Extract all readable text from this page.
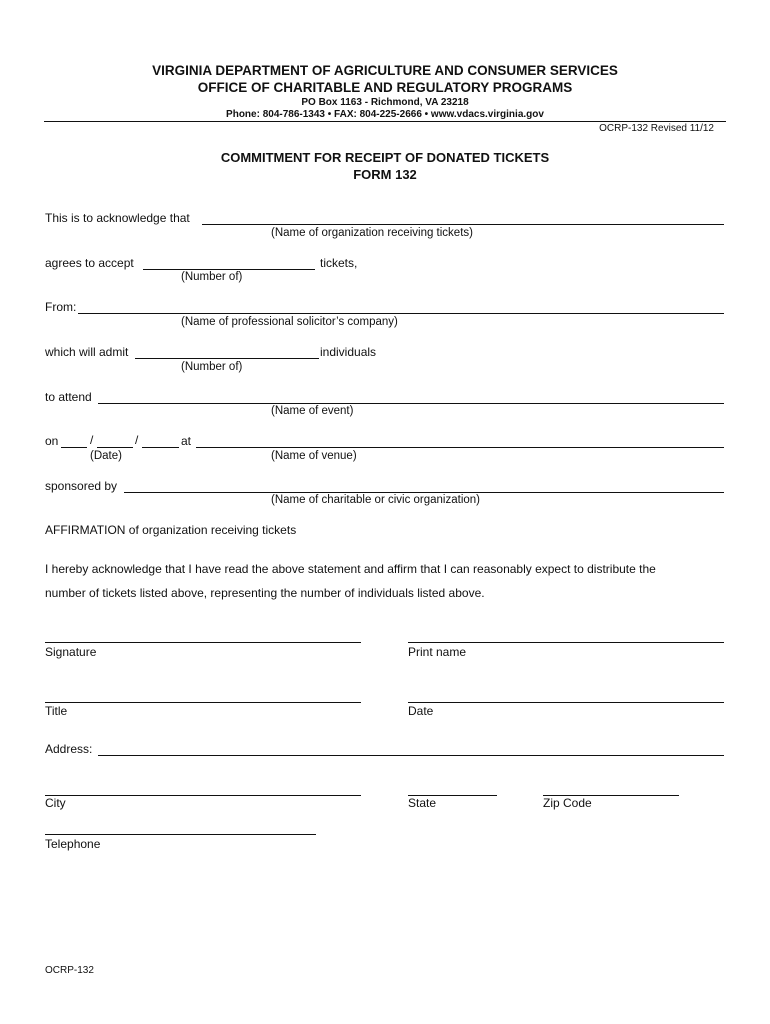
VIRGINIA DEPARTMENT OF AGRICULTURE AND CONSUMER SERVICES
OFFICE OF CHARITABLE AND REGULATORY PROGRAMS
PO Box 1163 - Richmond, VA 23218
Phone: 804-786-1343 • FAX: 804-225-2666 • www.vdacs.virginia.gov
OCRP-132 Revised 11/12
COMMITMENT FOR RECEIPT OF DONATED TICKETS
FORM 132
This is to acknowledge that
(Name of organization receiving tickets)
agrees to accept	tickets,
(Number of)
From:
(Name of professional solicitor’s company)
which will admit	individuals
(Number of)
to attend
(Name of event)
on	/	/	at
(Date)	(Name of venue)
sponsored by
(Name of charitable or civic organization)
AFFIRMATION of organization receiving tickets
I hereby acknowledge that I have read the above statement and affirm that I can reasonably expect to distribute the
number of tickets listed above, representing the number of individuals listed above.
Signature	Print name
Title	Date
Address:
City	State	Zip Code
Telephone
OCRP-132
